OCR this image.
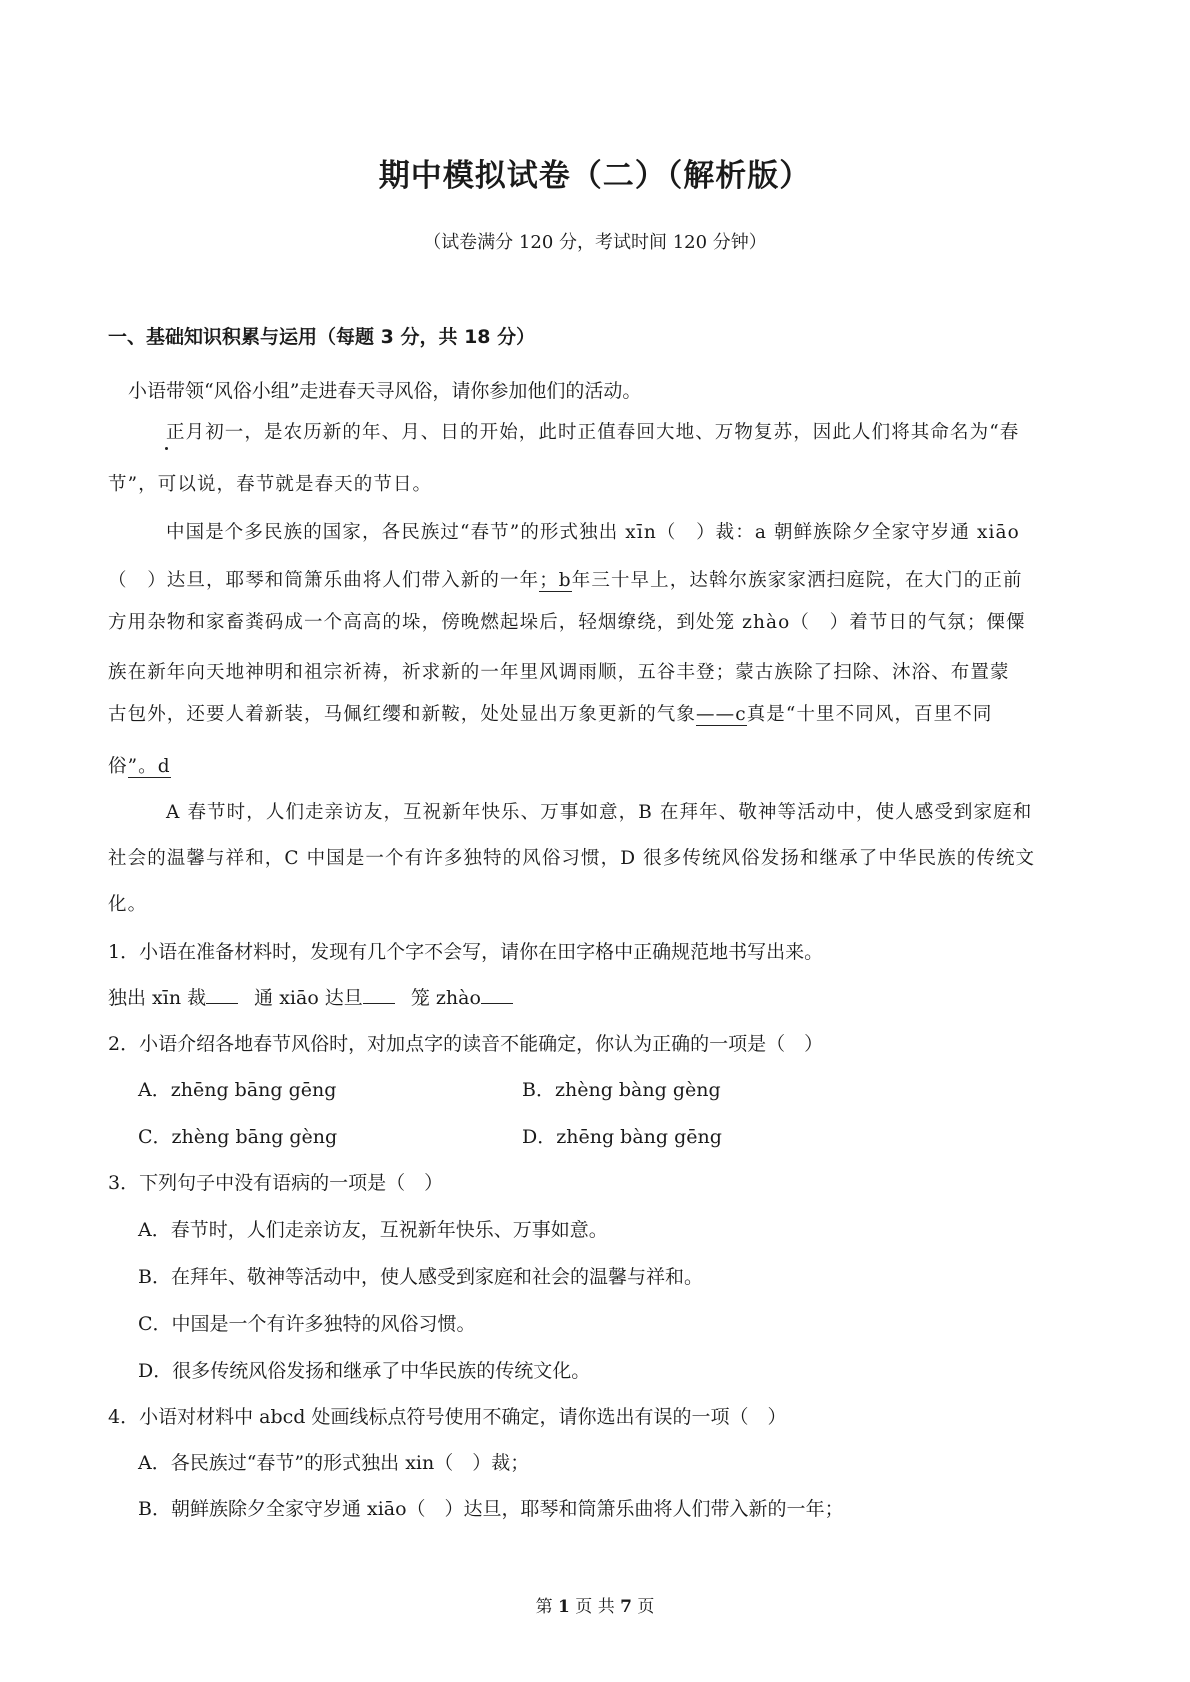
期中模拟试卷（二）（解析版）
（试卷满分 120 分，考试时间 120 分钟）
一、基础知识积累与运用（每题 3 分，共 18 分）
小语带领“风俗小组”走进春天寻风俗，请你参加他们的活动。
正月初一，是农历新的年、月、日的开始，此时正值春回大地、万物复苏，因此人们将其命名为“春
节”，可以说，春节就是春天的节日。
中国是个多民族的国家，各民族过“春节”的形式独出 xīn（　）裁：a 朝鲜族除夕全家守岁通 xiāo
（　）达旦，耶琴和筒箫乐曲将人们带入新的一年；b年三十早上，达斡尔族家家洒扫庭院，在大门的正前
方用杂物和家畜粪码成一个高高的垛，傍晚燃起垛后，轻烟缭绕，到处笼 zhào（　）着节日的气氛；傈僳
族在新年向天地神明和祖宗祈祷，祈求新的一年里风调雨顺，五谷丰登；蒙古族除了扫除、沐浴、布置蒙
古包外，还要人着新装，马佩红缨和新鞍，处处显出万象更新的气象——c真是“十里不同风，百里不同
俗”。d
A 春节时，人们走亲访友，互祝新年快乐、万事如意，B 在拜年、敬神等活动中，使人感受到家庭和
社会的温馨与祥和，C 中国是一个有许多独特的风俗习惯，D 很多传统风俗发扬和继承了中华民族的传统文
化。
1．小语在准备材料时，发现有几个字不会写，请你在田字格中正确规范地书写出来。
独出 xīn 裁	通 xiāo 达旦	笼 zhào
2．小语介绍各地春节风俗时，对加点字的读音不能确定，你认为正确的一项是（　）
A．zhēng bāng gēng	B．zhèng bàng gèng
C．zhèng bāng gèng	D．zhēng bàng gēng
3．下列句子中没有语病的一项是（　）
A．春节时，人们走亲访友，互祝新年快乐、万事如意。
B．在拜年、敬神等活动中，使人感受到家庭和社会的温馨与祥和。
C．中国是一个有许多独特的风俗习惯。
D．很多传统风俗发扬和继承了中华民族的传统文化。
4．小语对材料中 abcd 处画线标点符号使用不确定，请你选出有误的一项（　）
A．各民族过“春节”的形式独出 xin（　）裁；
B．朝鲜族除夕全家守岁通 xiāo（　）达旦，耶琴和筒箫乐曲将人们带入新的一年；
第 1 页 共 7 页
